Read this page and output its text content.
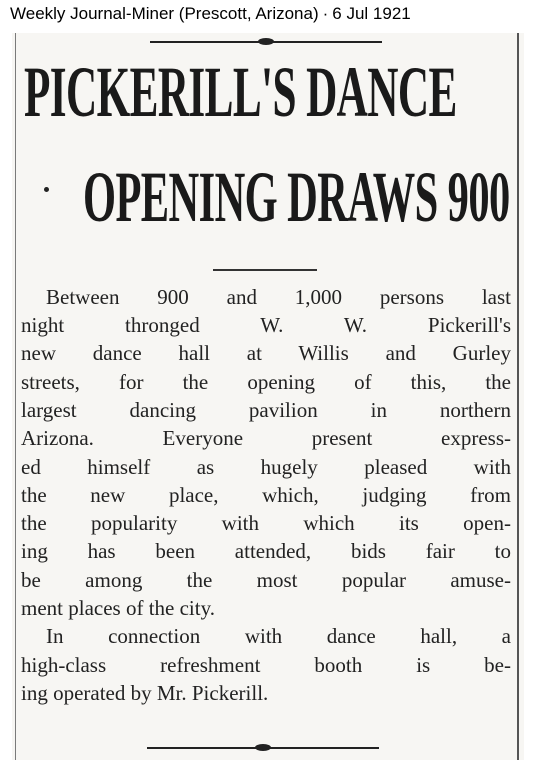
Weekly Journal-Miner (Prescott, Arizona) · 6 Jul 1921
PICKERILL'S DANCE
OPENING DRAWS 900
Between 900 and 1,000 persons last
night thronged W. W. Pickerill's
new dance hall at Willis and Gurley
streets, for the opening of this, the
largest dancing pavilion in northern
Arizona. Everyone present express-
ed himself as hugely pleased with
the new place, which, judging from
the popularity with which its open-
ing has been attended, bids fair to
be among the most popular amuse-
ment places of the city.
In connection with dance hall, a
high-class refreshment booth is be-
ing operated by Mr. Pickerill.
